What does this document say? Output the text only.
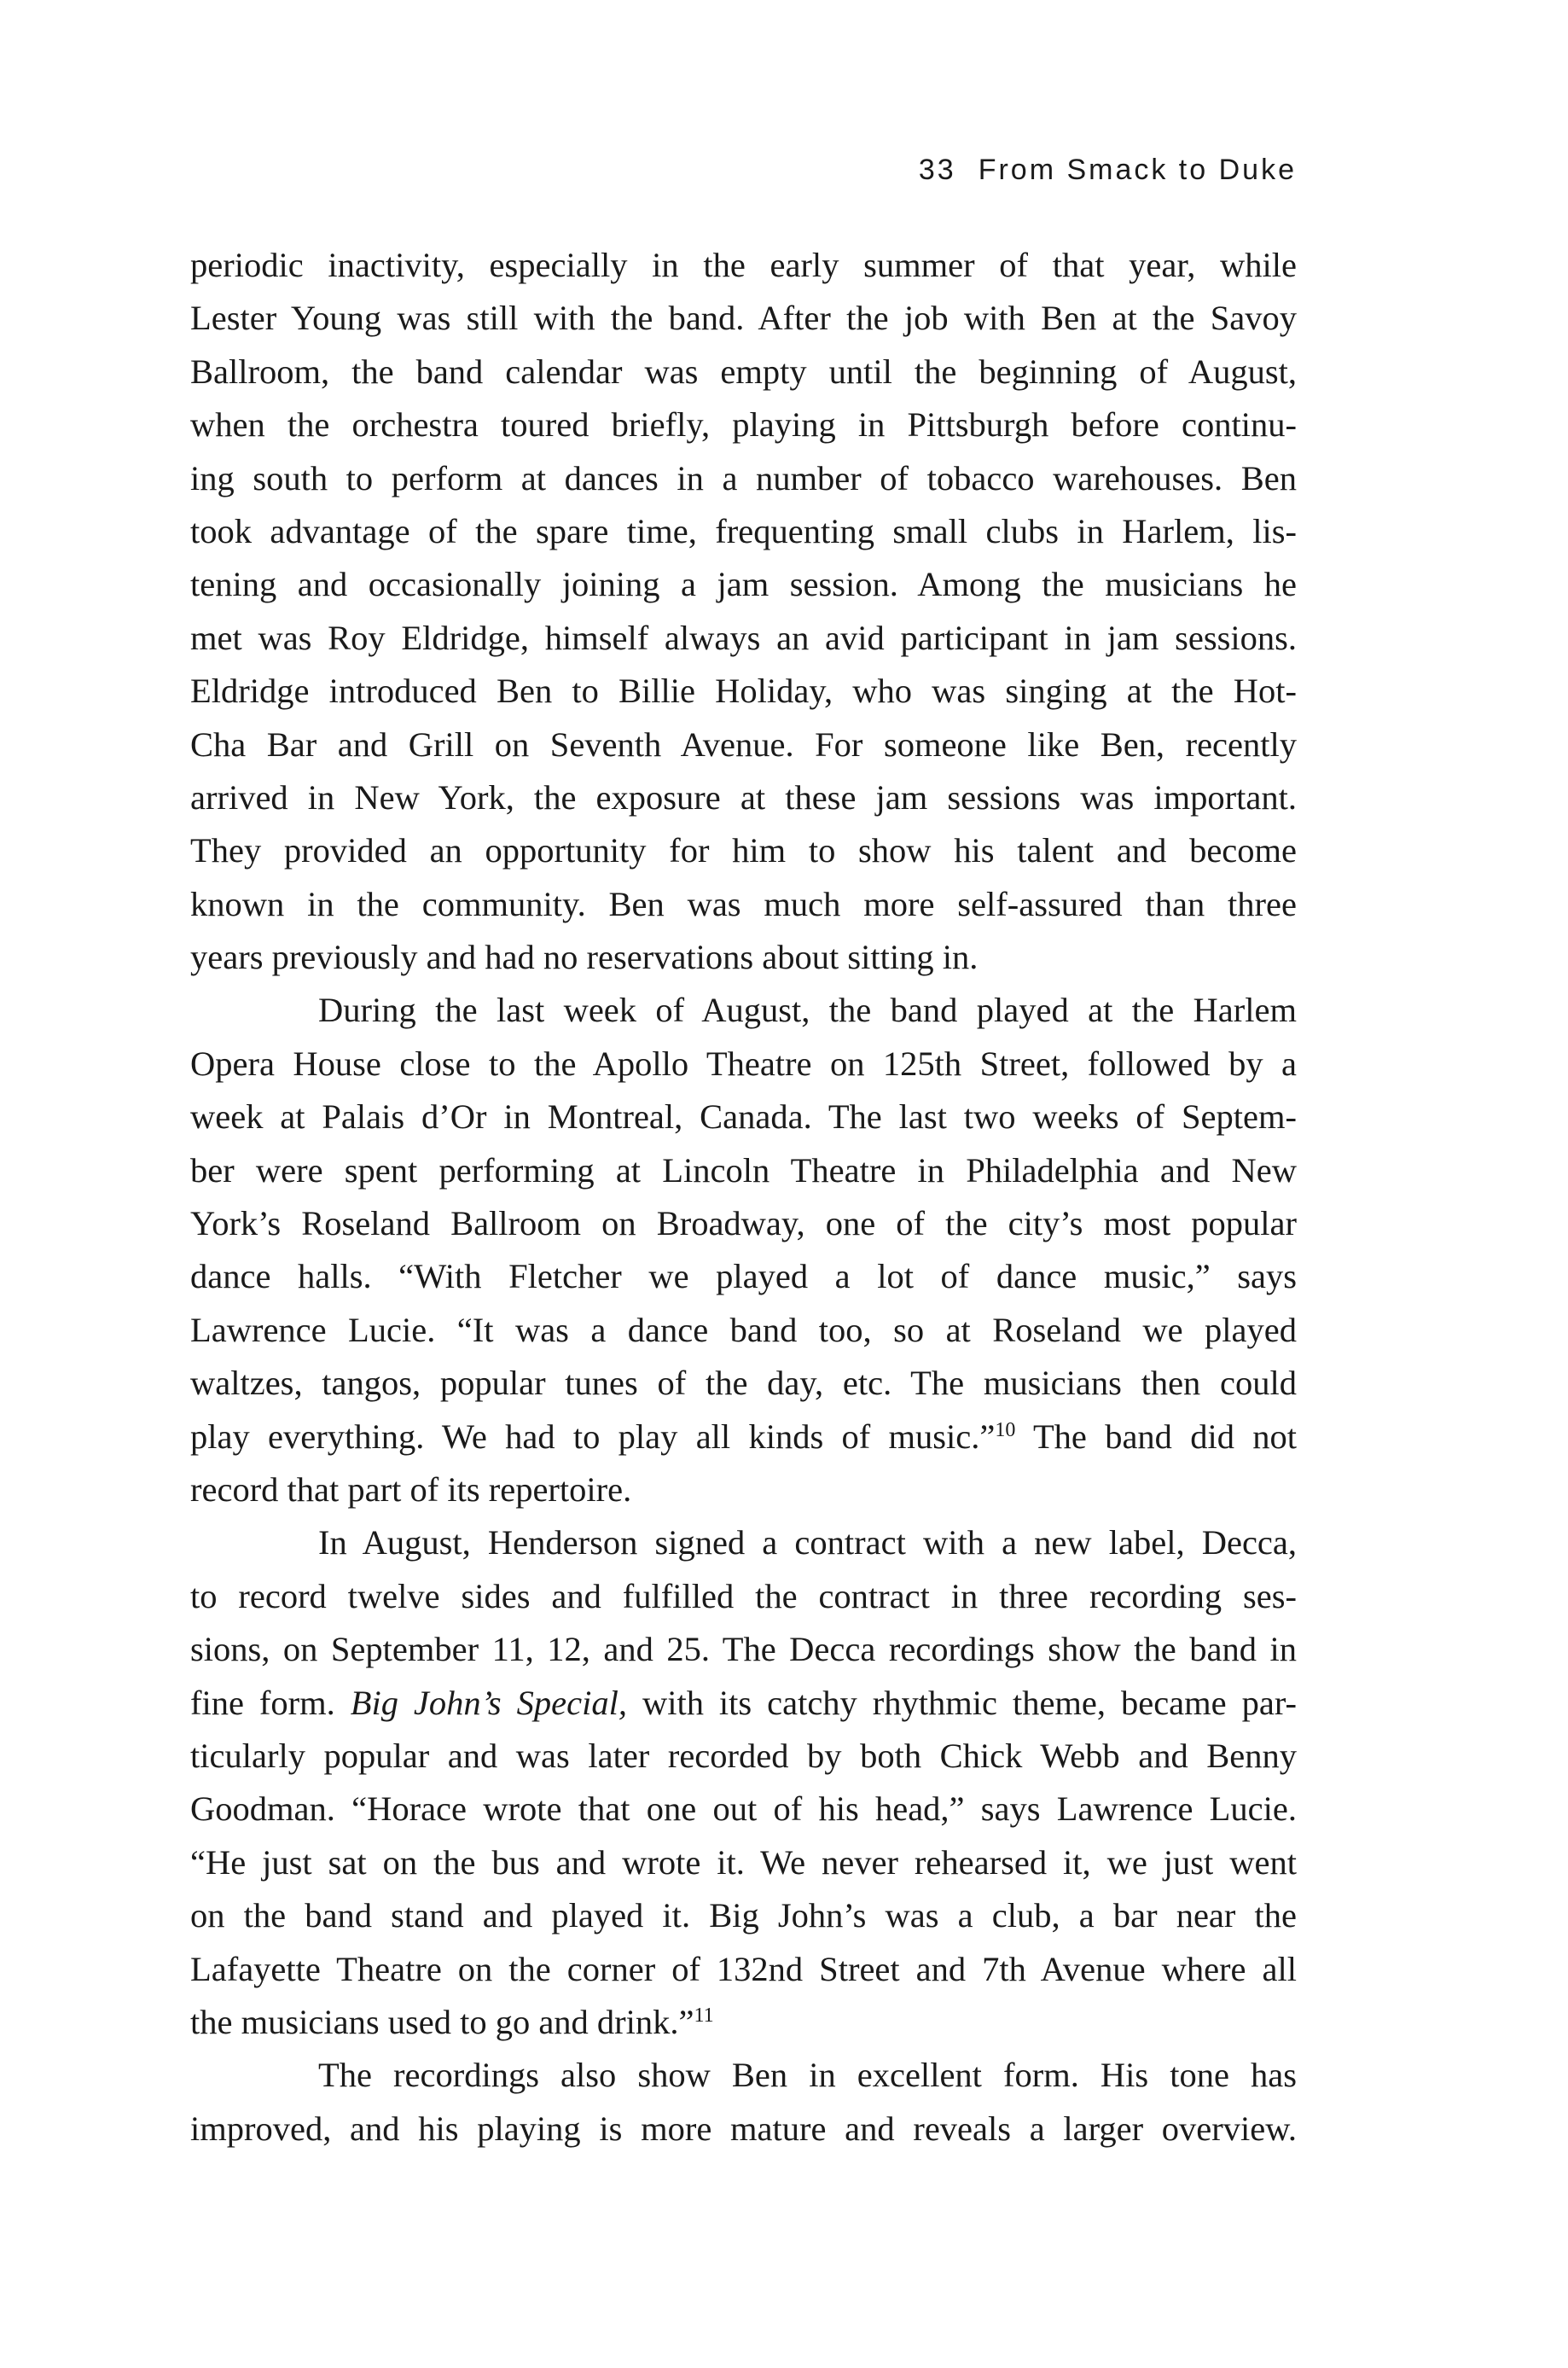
33 From Smack to Duke

periodic inactivity, especially in the early summer of that year, while
Lester Young was still with the band. After the job with Ben at the Savoy
Ballroom, the band calendar was empty until the beginning of August,
when the orchestra toured briefly, playing in Pittsburgh before continu-
ing south to perform at dances in a number of tobacco warehouses. Ben
took advantage of the spare time, frequenting small clubs in Harlem, lis-
tening and occasionally joining a jam session. Among the musicians he
met was Roy Eldridge, himself always an avid participant in jam sessions.
Eldridge introduced Ben to Billie Holiday, who was singing at the Hot-
Cha Bar and Grill on Seventh Avenue. For someone like Ben, recently
arrived in New York, the exposure at these jam sessions was important.
They provided an opportunity for him to show his talent and become
known in the community. Ben was much more self-assured than three
years previously and had no reservations about sitting in.

During the last week of August, the band played at the Harlem
Opera House close to the Apollo Theatre on 125th Street, followed by a
week at Palais d’Or in Montreal, Canada. The last two weeks of Septem-
ber were spent performing at Lincoln Theatre in Philadelphia and New
York’s Roseland Ballroom on Broadway, one of the city’s most popular
dance halls. “With Fletcher we played a lot of dance music,” says
Lawrence Lucie. “It was a dance band too, so at Roseland we played
waltzes, tangos, popular tunes of the day, etc. The musicians then could
play everything. We had to play all kinds of music.”$^{10}$ The band did not
record that part of its repertoire.

In August, Henderson signed a contract with a new label, Decca,
to record twelve sides and fulfilled the contract in three recording ses-
sions, on September 11, 12, and 25. The Decca recordings show the band in
fine form. Big John’s Special, with its catchy rhythmic theme, became par-
ticularly popular and was later recorded by both Chick Webb and Benny
Goodman. “Horace wrote that one out of his head,” says Lawrence Lucie.
“He just sat on the bus and wrote it. We never rehearsed it, we just went
on the band stand and played it. Big John’s was a club, a bar near the
Lafayette Theatre on the corner of 132nd Street and 7th Avenue where all
the musicians used to go and drink.”$^{11}$

The recordings also show Ben in excellent form. His tone has
improved, and his playing is more mature and reveals a larger overview.
